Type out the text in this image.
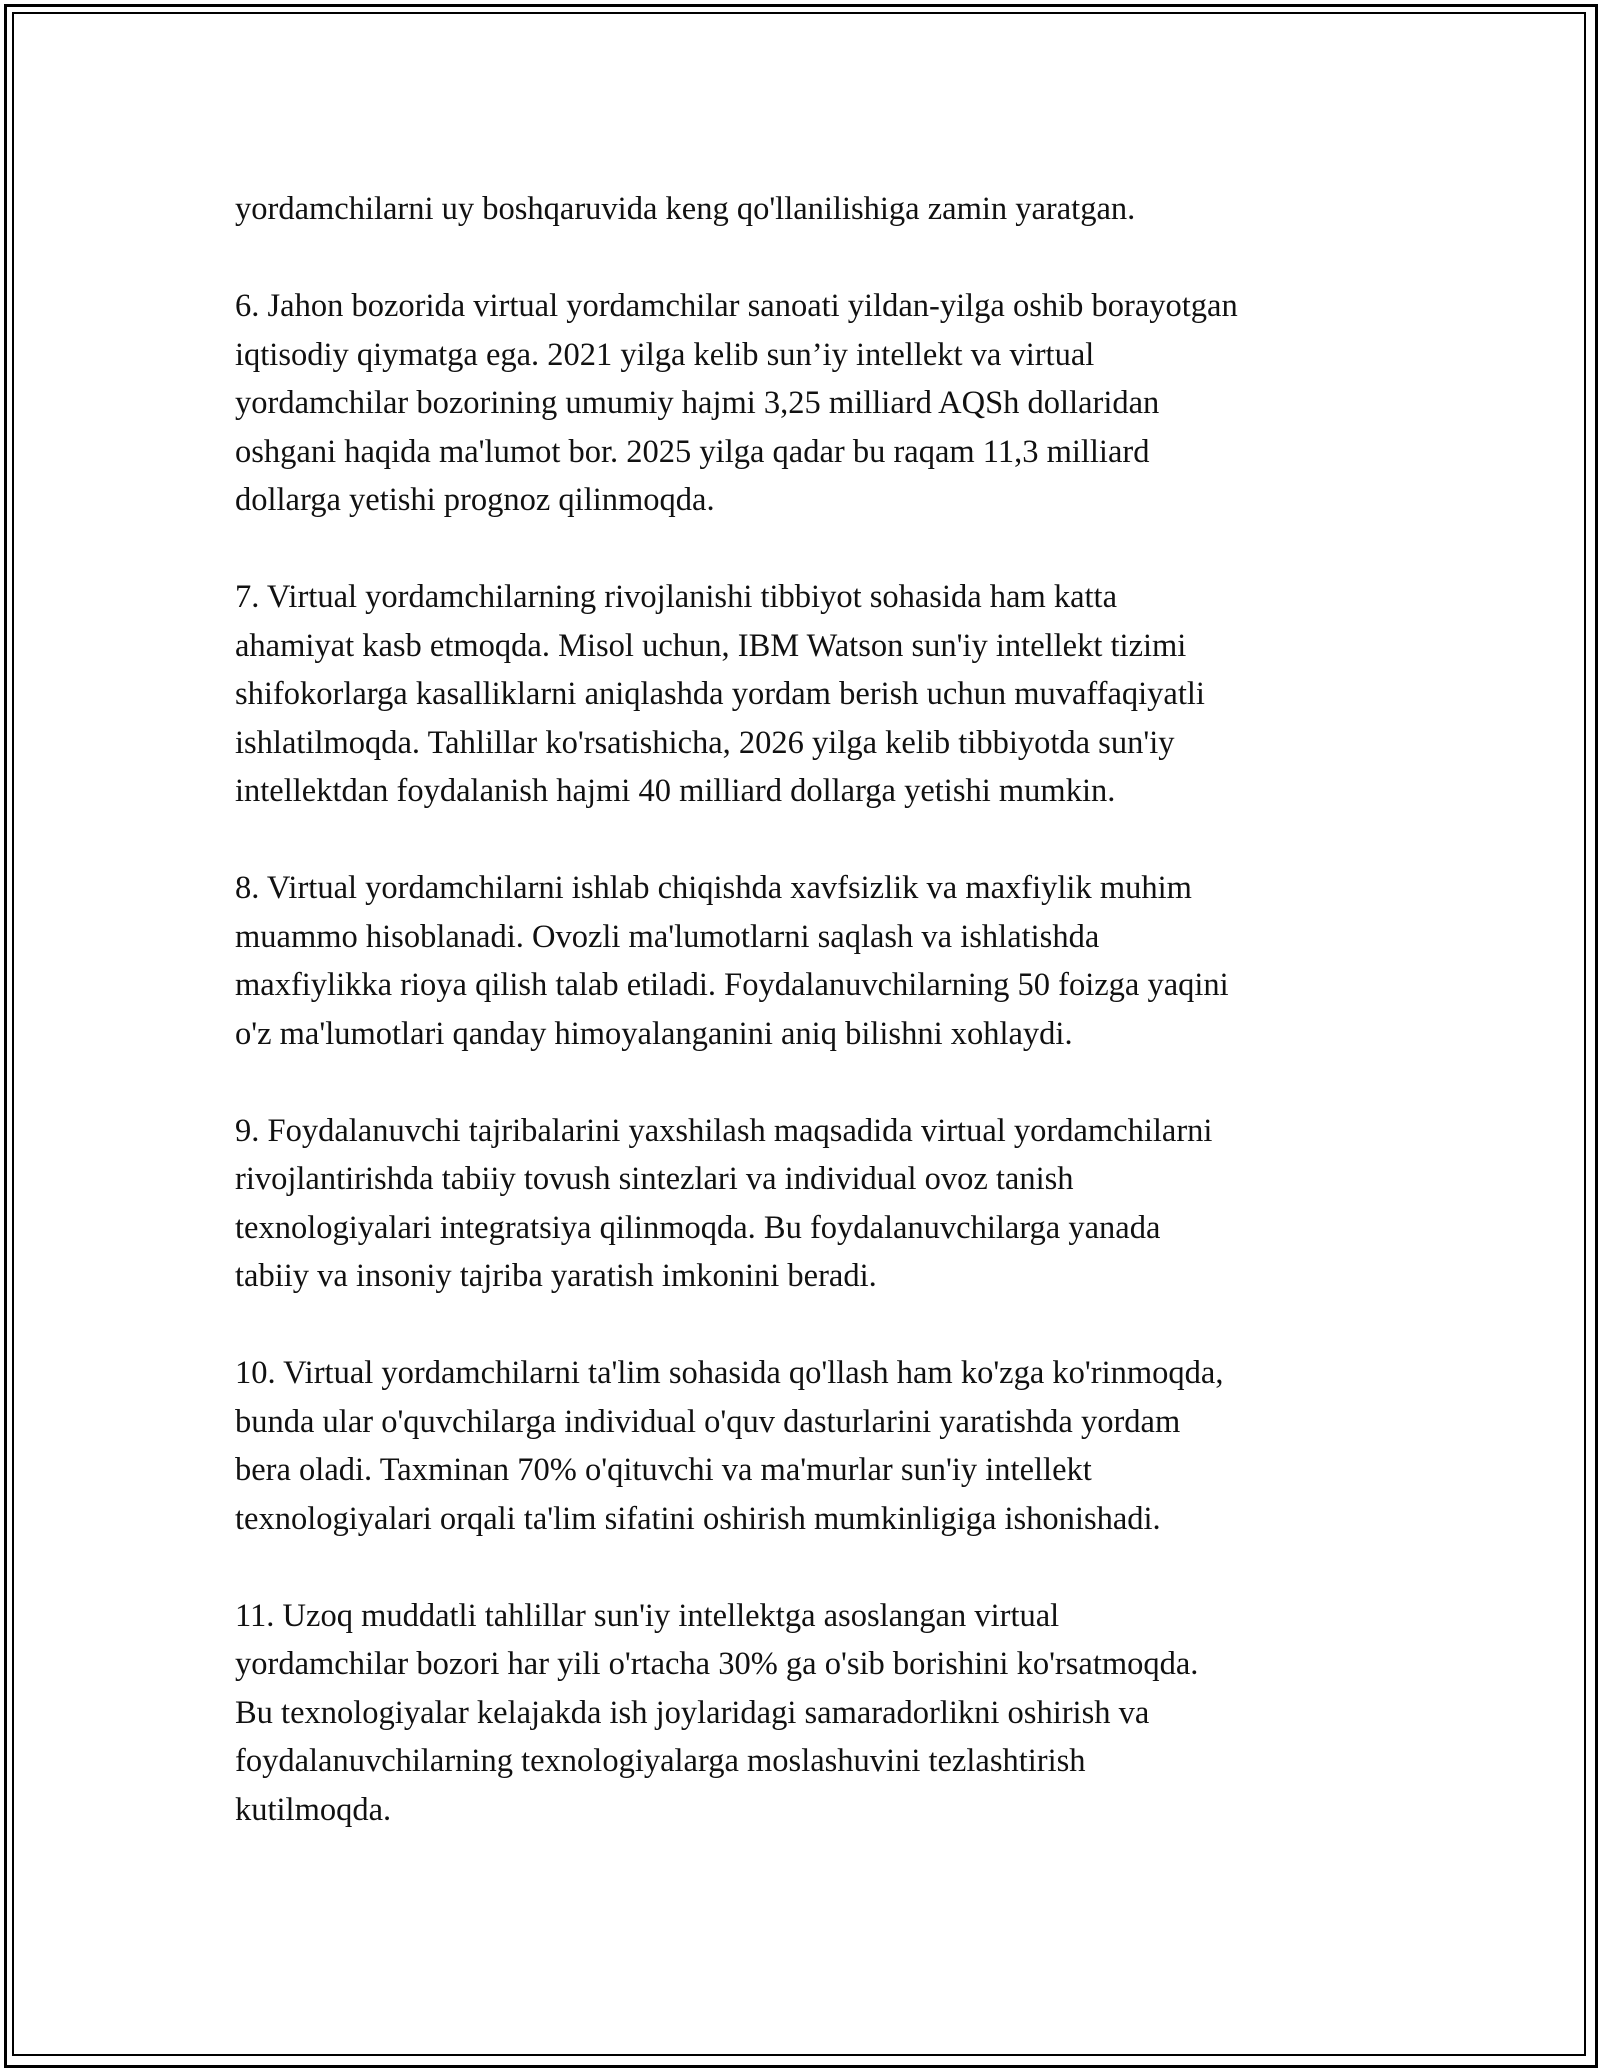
yordamchilarni uy boshqaruvida keng qo'llanilishiga zamin yaratgan.

6. Jahon bozorida virtual yordamchilar sanoati yildan-yilga oshib borayotgan
iqtisodiy qiymatga ega. 2021 yilga kelib sun’iy intellekt va virtual
yordamchilar bozorining umumiy hajmi 3,25 milliard AQSh dollaridan
oshgani haqida ma'lumot bor. 2025 yilga qadar bu raqam 11,3 milliard
dollarga yetishi prognoz qilinmoqda.

7. Virtual yordamchilarning rivojlanishi tibbiyot sohasida ham katta
ahamiyat kasb etmoqda. Misol uchun, IBM Watson sun'iy intellekt tizimi
shifokorlarga kasalliklarni aniqlashda yordam berish uchun muvaffaqiyatli
ishlatilmoqda. Tahlillar ko'rsatishicha, 2026 yilga kelib tibbiyotda sun'iy
intellektdan foydalanish hajmi 40 milliard dollarga yetishi mumkin.

8. Virtual yordamchilarni ishlab chiqishda xavfsizlik va maxfiylik muhim
muammo hisoblanadi. Ovozli ma'lumotlarni saqlash va ishlatishda
maxfiylikka rioya qilish talab etiladi. Foydalanuvchilarning 50 foizga yaqini
o'z ma'lumotlari qanday himoyalanganini aniq bilishni xohlaydi.

9. Foydalanuvchi tajribalarini yaxshilash maqsadida virtual yordamchilarni
rivojlantirishda tabiiy tovush sintezlari va individual ovoz tanish
texnologiyalari integratsiya qilinmoqda. Bu foydalanuvchilarga yanada
tabiiy va insoniy tajriba yaratish imkonini beradi.

10. Virtual yordamchilarni ta'lim sohasida qo'llash ham ko'zga ko'rinmoqda,
bunda ular o'quvchilarga individual o'quv dasturlarini yaratishda yordam
bera oladi. Taxminan 70% o'qituvchi va ma'murlar sun'iy intellekt
texnologiyalari orqali ta'lim sifatini oshirish mumkinligiga ishonishadi.

11. Uzoq muddatli tahlillar sun'iy intellektga asoslangan virtual
yordamchilar bozori har yili o'rtacha 30% ga o'sib borishini ko'rsatmoqda.
Bu texnologiyalar kelajakda ish joylaridagi samaradorlikni oshirish va
foydalanuvchilarning texnologiyalarga moslashuvini tezlashtirish
kutilmoqda.
